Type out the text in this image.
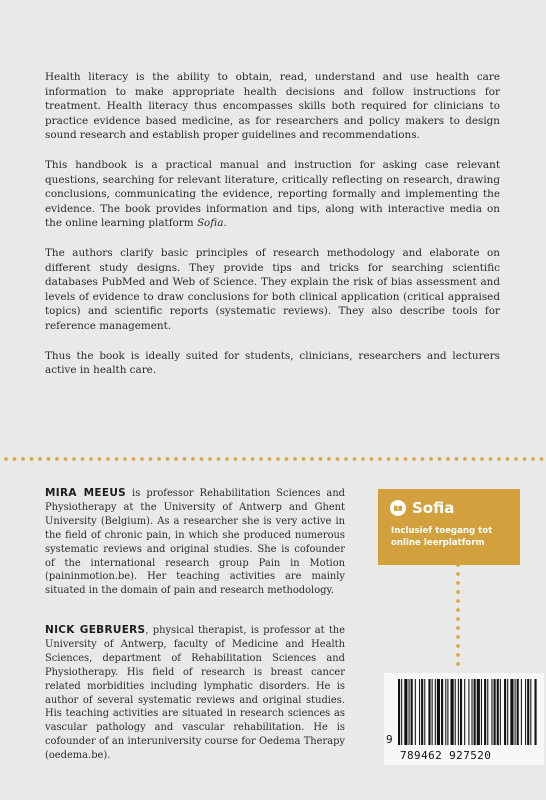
Health literacy is the ability to obtain, read, understand and use health care information to make appropriate health decisions and follow instructions for treatment. Health literacy thus encompasses skills both required for clinicians to practice evidence based medicine, as for researchers and policy makers to design sound research and establish proper guidelines and recommendations.

This handbook is a practical manual and instruction for asking case relevant questions, searching for relevant literature, critically reflecting on research, drawing conclusions, communicating the evidence, reporting formally and implementing the evidence. The book provides information and tips, along with interactive media on the online learning platform Sofia.

The authors clarify basic principles of research methodology and elaborate on different study designs. They provide tips and tricks for searching scientific databases PubMed and Web of Science. They explain the risk of bias assessment and levels of evidence to draw conclusions for both clinical application (critical appraised topics) and scientific reports (systematic reviews). They also describe tools for reference management.

Thus the book is ideally suited for students, clinicians, researchers and lecturers active in health care.

MIRA MEEUS is professor Rehabilitation Sciences and Physiotherapy at the University of Antwerp and Ghent University (Belgium). As a researcher she is very active in the field of chronic pain, in which she produced numerous systematic reviews and original studies. She is cofounder of the international research group Pain in Motion (paininmotion.be). Her teaching activities are mainly situated in the domain of pain and research methodology.
NICK GEBRUERS, physical therapist, is professor at the University of Antwerp, faculty of Medicine and Health Sciences, department of Rehabilitation Sciences and Physiotherapy. His field of research is breast cancer related morbidities including lymphatic disorders. He is author of several systematic reviews and original studies. His teaching activities are situated in research sciences as vascular pathology and vascular rehabilitation. He is cofounder of an interuniversity course for Oedema Therapy (oedema.be).
Sofia
Inclusief toegang tot online leerplatform
9
789462 927520
